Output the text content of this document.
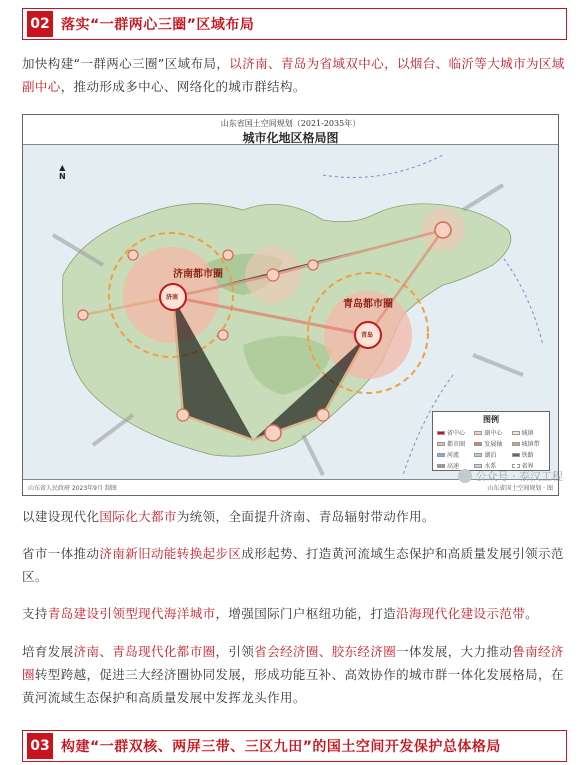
02 落实“一群两心三圈”区域布局
加快构建“一群两心三圈”区域布局，以济南、青岛为省域双中心，以烟台、临沂等大城市为区域副中心，推动形成多中心、网络化的城市群结构。
山东省国土空间规划（2021-2035年）
城市化地区格局图
▲
N
济南都市圈
青岛都市圈
济南
青岛
图例
省中心	副中心	城镇
都市圈	发展轴	城镇带
河流	湖泊	铁路
高速	水系	省界
山东省人民政府 2023年9月 制图	山东省国土空间规划 · 图
公众号 · 泰汉工程
以建设现代化国际化大都市为统领，全面提升济南、青岛辐射带动作用。
省市一体推动济南新旧动能转换起步区成形起势、打造黄河流域生态保护和高质量发展引领示范区。
支持青岛建设引领型现代海洋城市，增强国际门户枢纽功能，打造沿海现代化建设示范带。
培育发展济南、青岛现代化都市圈，引领省会经济圈、胶东经济圈一体发展，大力推动鲁南经济圈转型跨越，促进三大经济圈协同发展，形成功能互补、高效协作的城市群一体化发展格局，在黄河流域生态保护和高质量发展中发挥龙头作用。
03 构建“一群双核、两屏三带、三区九田”的国土空间开发保护总体格局
